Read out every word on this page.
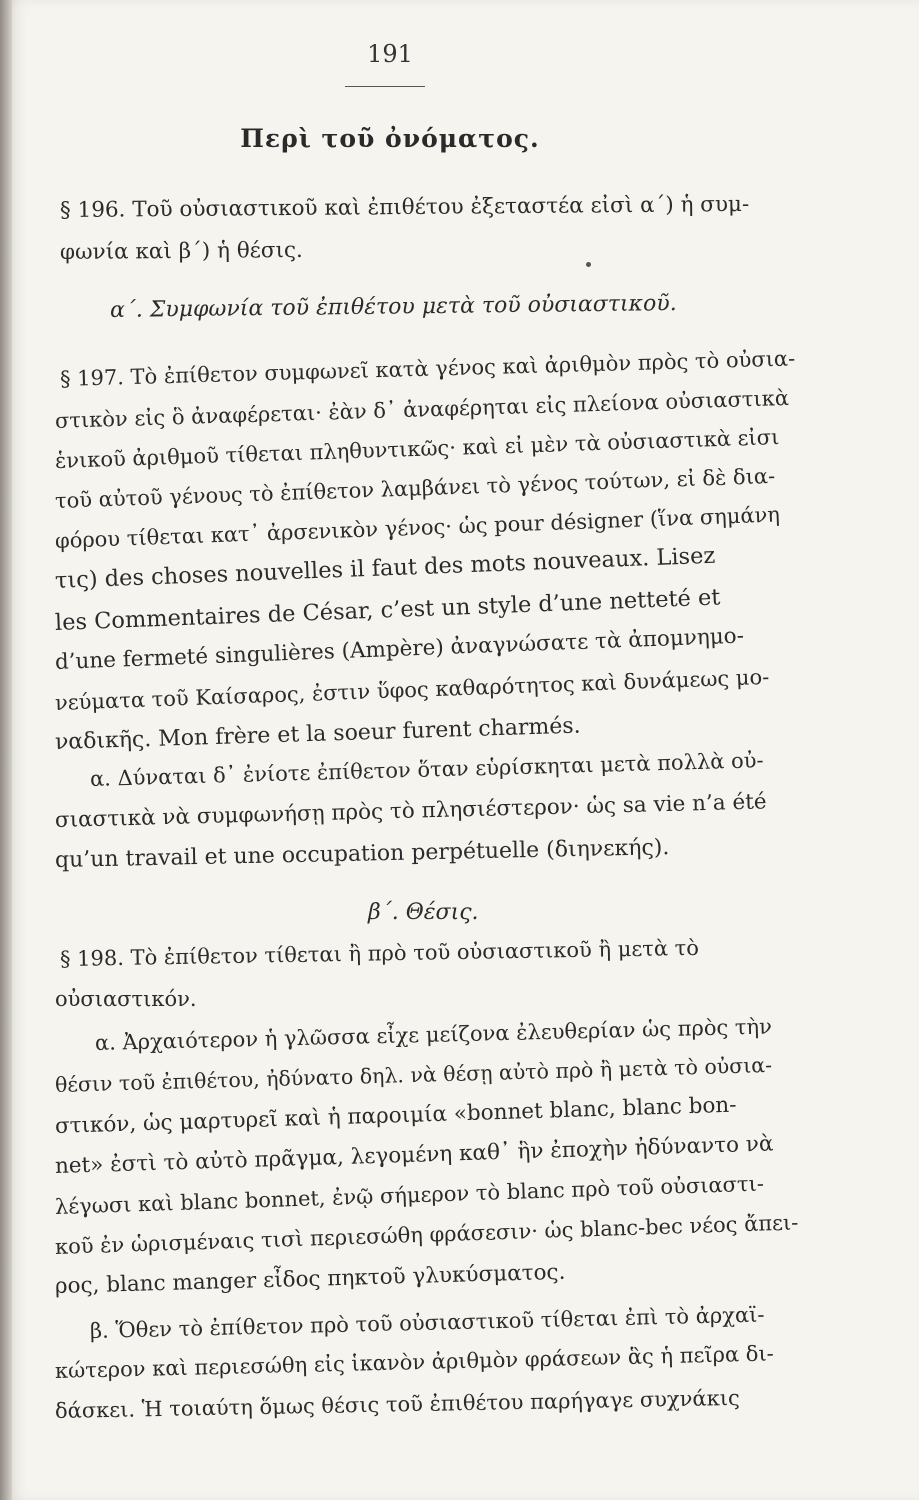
191
Περὶ τοῦ ὀνόματος.
§ 196. Τοῦ οὐσιαστικοῦ καὶ ἐπιθέτου ἐξεταστέα εἰσὶ α΄) ἡ συμ-
φωνία καὶ β΄) ἡ θέσις.
α΄. Συμφωνία τοῦ ἐπιθέτου μετὰ τοῦ οὐσιαστικοῦ.
§ 197. Τὸ ἐπίθετον συμφωνεῖ κατὰ γένος καὶ ἀριθμὸν πρὸς τὸ οὐσια-
στικὸν εἰς ὃ ἀναφέρεται· ἐὰν δ᾽ ἀναφέρηται εἰς πλείονα οὐσιαστικὰ
ἑνικοῦ ἀριθμοῦ τίθεται πληθυντικῶς· καὶ εἰ μὲν τὰ οὐσιαστικὰ εἰσι
τοῦ αὐτοῦ γένους τὸ ἐπίθετον λαμβάνει τὸ γένος τούτων, εἰ δὲ δια-
φόρου τίθεται κατ᾽ ἀρσενικὸν γένος· ὡς pour désigner (ἵνα σημάνη
τις) des choses nouvelles il faut des mots nouveaux. Lisez
les Commentaires de César, c’est un style d’une netteté et
d’une fermeté singulières (Ampère) ἀναγνώσατε τὰ ἀπομνημο-
νεύματα τοῦ Καίσαρος, ἐστιν ὕφος καθαρότητος καὶ δυνάμεως μο-
ναδικῆς. Mon frère et la soeur furent charmés.
α. Δύναται δ᾽ ἐνίοτε ἐπίθετον ὅταν εὑρίσκηται μετὰ πολλὰ οὐ-
σιαστικὰ νὰ συμφωνήσῃ πρὸς τὸ πλησιέστερον· ὡς sa vie n’a été
qu’un travail et une occupation perpétuelle (διηνεκής).
β΄. Θέσις.
§ 198. Τὸ ἐπίθετον τίθεται ἢ πρὸ τοῦ οὐσιαστικοῦ ἢ μετὰ τὸ
οὐσιαστικόν.
α. Ἀρχαιότερον ἡ γλῶσσα εἶχε μείζονα ἐλευθερίαν ὡς πρὸς τὴν
θέσιν τοῦ ἐπιθέτου, ἠδύνατο δηλ. νὰ θέσῃ αὐτὸ πρὸ ἢ μετὰ τὸ οὐσια-
στικόν, ὡς μαρτυρεῖ καὶ ἡ παροιμία «bonnet blanc, blanc bon-
net» ἐστὶ τὸ αὐτὸ πρᾶγμα, λεγομένη καθ᾽ ἣν ἐποχὴν ἠδύναντο νὰ
λέγωσι καὶ blanc bonnet, ἐνῷ σήμερον τὸ blanc πρὸ τοῦ οὐσιαστι-
κοῦ ἐν ὡρισμέναις τισὶ περιεσώθη φράσεσιν· ὡς blanc-bec νέος ἄπει-
ρος, blanc manger εἶδος πηκτοῦ γλυκύσματος.
β. Ὅθεν τὸ ἐπίθετον πρὸ τοῦ οὐσιαστικοῦ τίθεται ἐπὶ τὸ ἀρχαϊ-
κώτερον καὶ περιεσώθη εἰς ἱκανὸν ἀριθμὸν φράσεων ἃς ἡ πεῖρα δι-
δάσκει. Ἡ τοιαύτη ὅμως θέσις τοῦ ἐπιθέτου παρήγαγε συχνάκις
